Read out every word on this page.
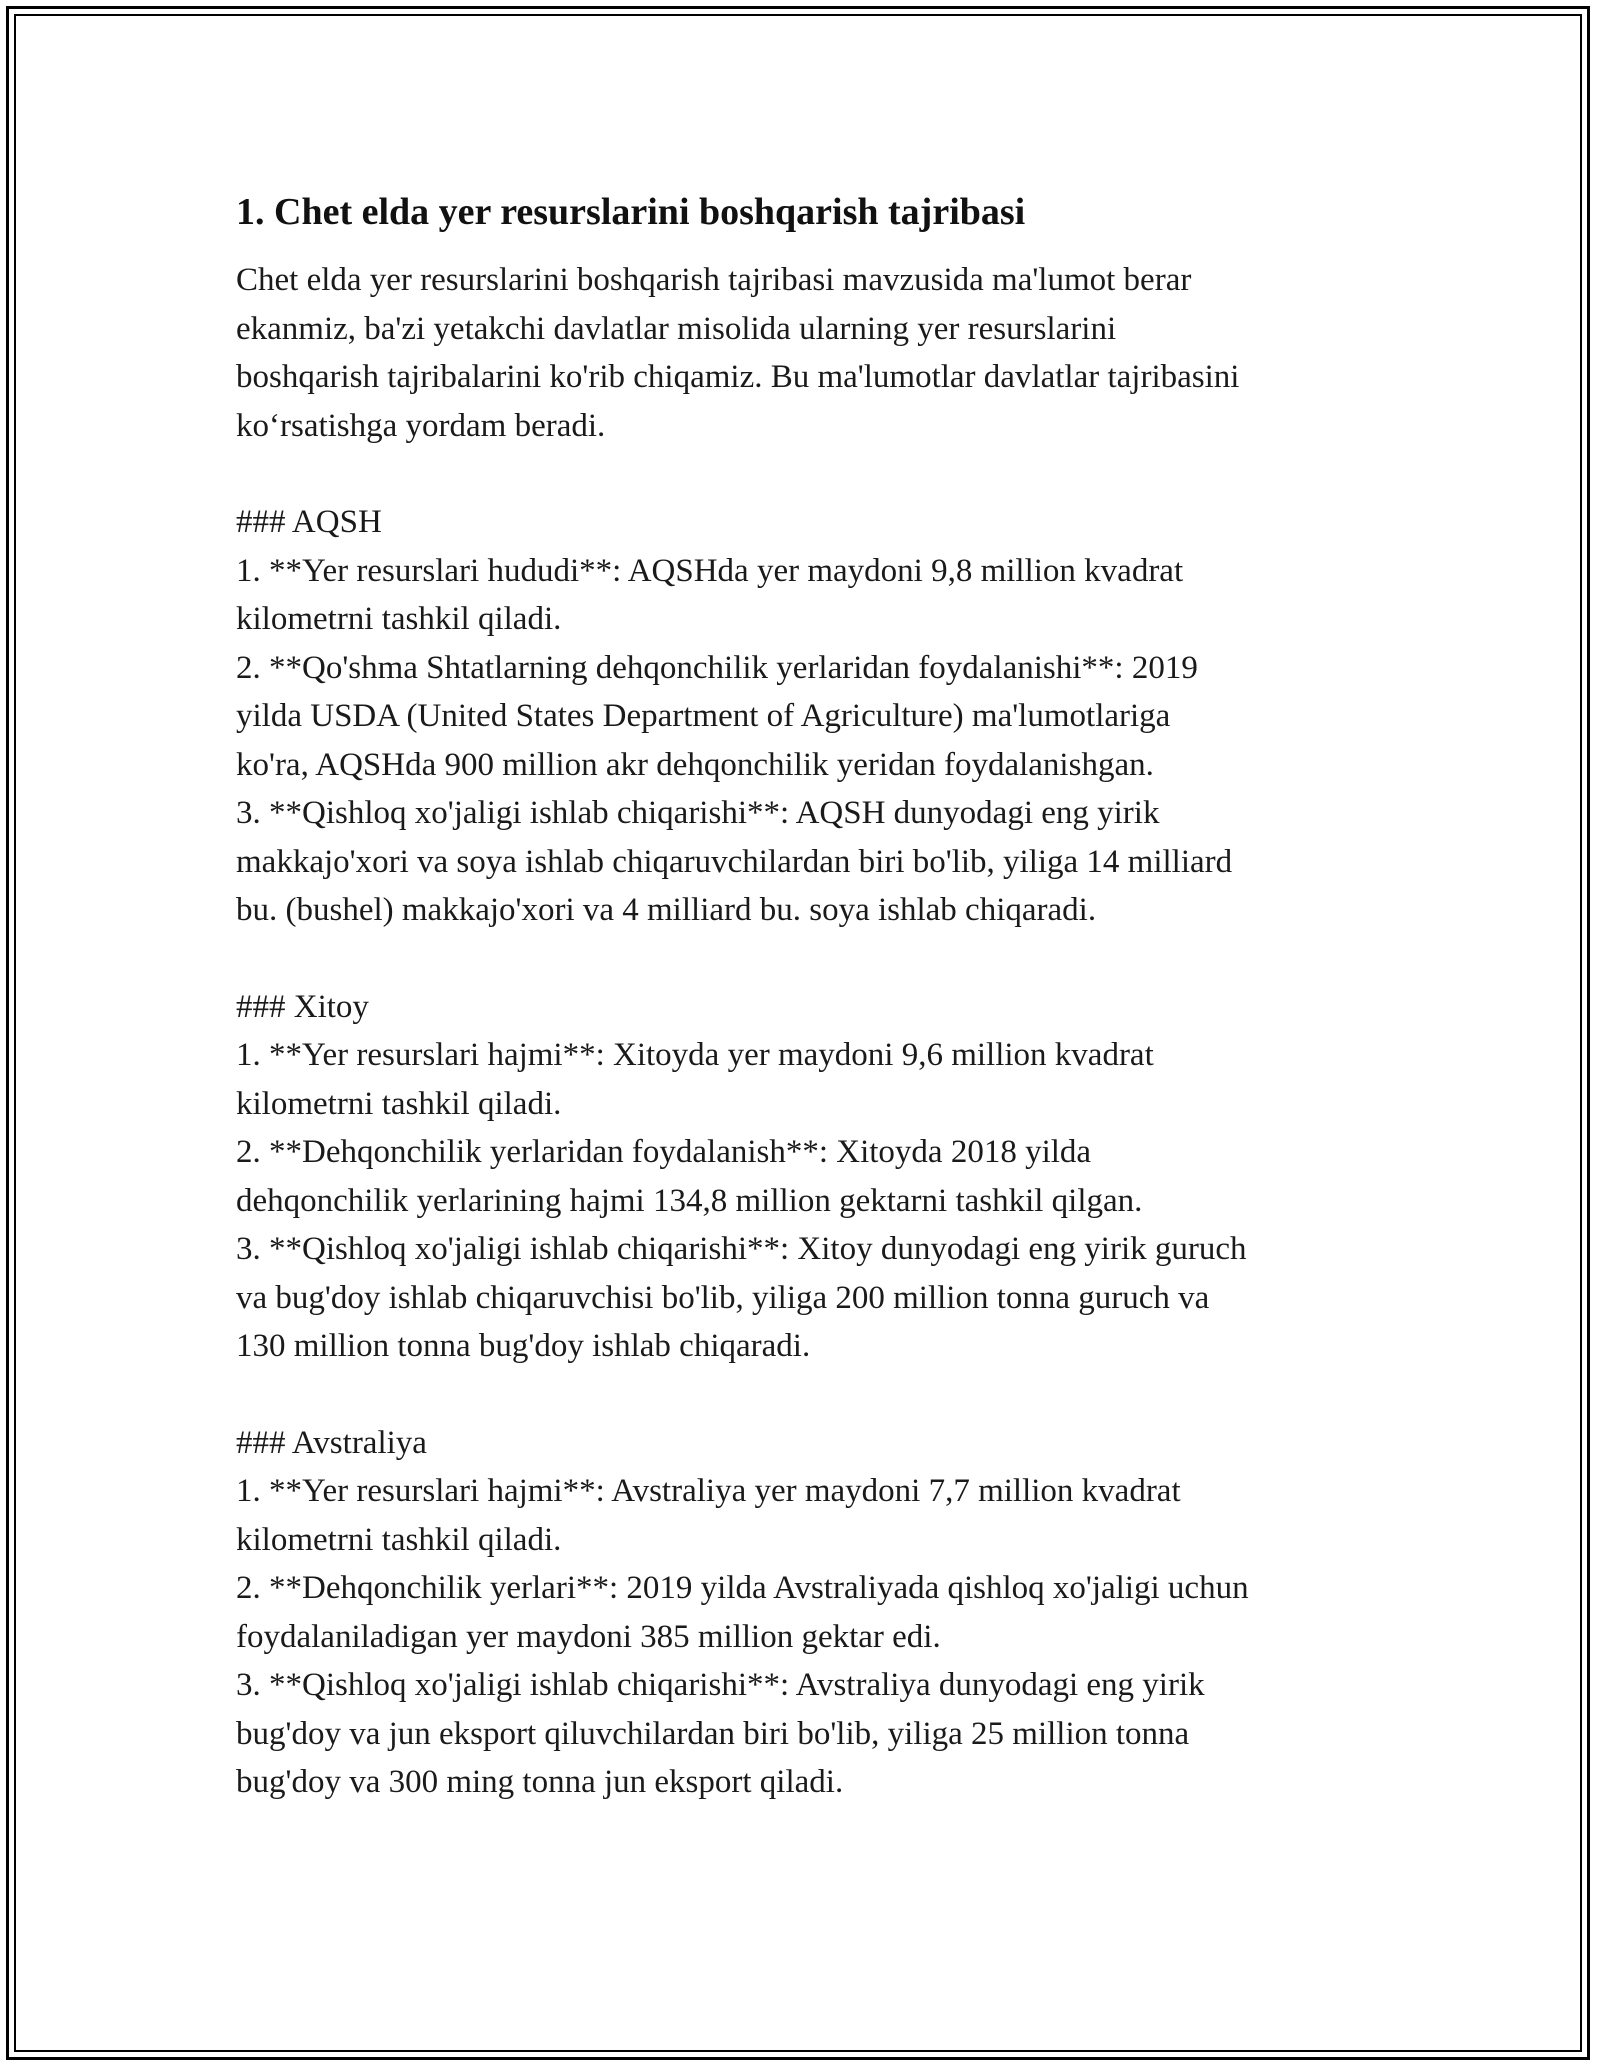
1. Chet elda yer resurslarini boshqarish tajribasi

Chet elda yer resurslarini boshqarish tajribasi mavzusida ma'lumot berar
ekanmiz, ba'zi yetakchi davlatlar misolida ularning yer resurslarini
boshqarish tajribalarini ko'rib chiqamiz. Bu ma'lumotlar davlatlar tajribasini
ko‘rsatishga yordam beradi.

### AQSH
1. **Yer resurslari hududi**: AQSHda yer maydoni 9,8 million kvadrat
kilometrni tashkil qiladi.
2. **Qo'shma Shtatlarning dehqonchilik yerlaridan foydalanishi**: 2019
yilda USDA (United States Department of Agriculture) ma'lumotlariga
ko'ra, AQSHda 900 million akr dehqonchilik yeridan foydalanishgan.
3. **Qishloq xo'jaligi ishlab chiqarishi**: AQSH dunyodagi eng yirik
makkajo'xori va soya ishlab chiqaruvchilardan biri bo'lib, yiliga 14 milliard
bu. (bushel) makkajo'xori va 4 milliard bu. soya ishlab chiqaradi.
### Xitoy
1. **Yer resurslari hajmi**: Xitoyda yer maydoni 9,6 million kvadrat
kilometrni tashkil qiladi.
2. **Dehqonchilik yerlaridan foydalanish**: Xitoyda 2018 yilda
dehqonchilik yerlarining hajmi 134,8 million gektarni tashkil qilgan.
3. **Qishloq xo'jaligi ishlab chiqarishi**: Xitoy dunyodagi eng yirik guruch
va bug'doy ishlab chiqaruvchisi bo'lib, yiliga 200 million tonna guruch va
130 million tonna bug'doy ishlab chiqaradi.
### Avstraliya
1. **Yer resurslari hajmi**: Avstraliya yer maydoni 7,7 million kvadrat
kilometrni tashkil qiladi.
2. **Dehqonchilik yerlari**: 2019 yilda Avstraliyada qishloq xo'jaligi uchun
foydalaniladigan yer maydoni 385 million gektar edi.
3. **Qishloq xo'jaligi ishlab chiqarishi**: Avstraliya dunyodagi eng yirik
bug'doy va jun eksport qiluvchilardan biri bo'lib, yiliga 25 million tonna
bug'doy va 300 ming tonna jun eksport qiladi.
